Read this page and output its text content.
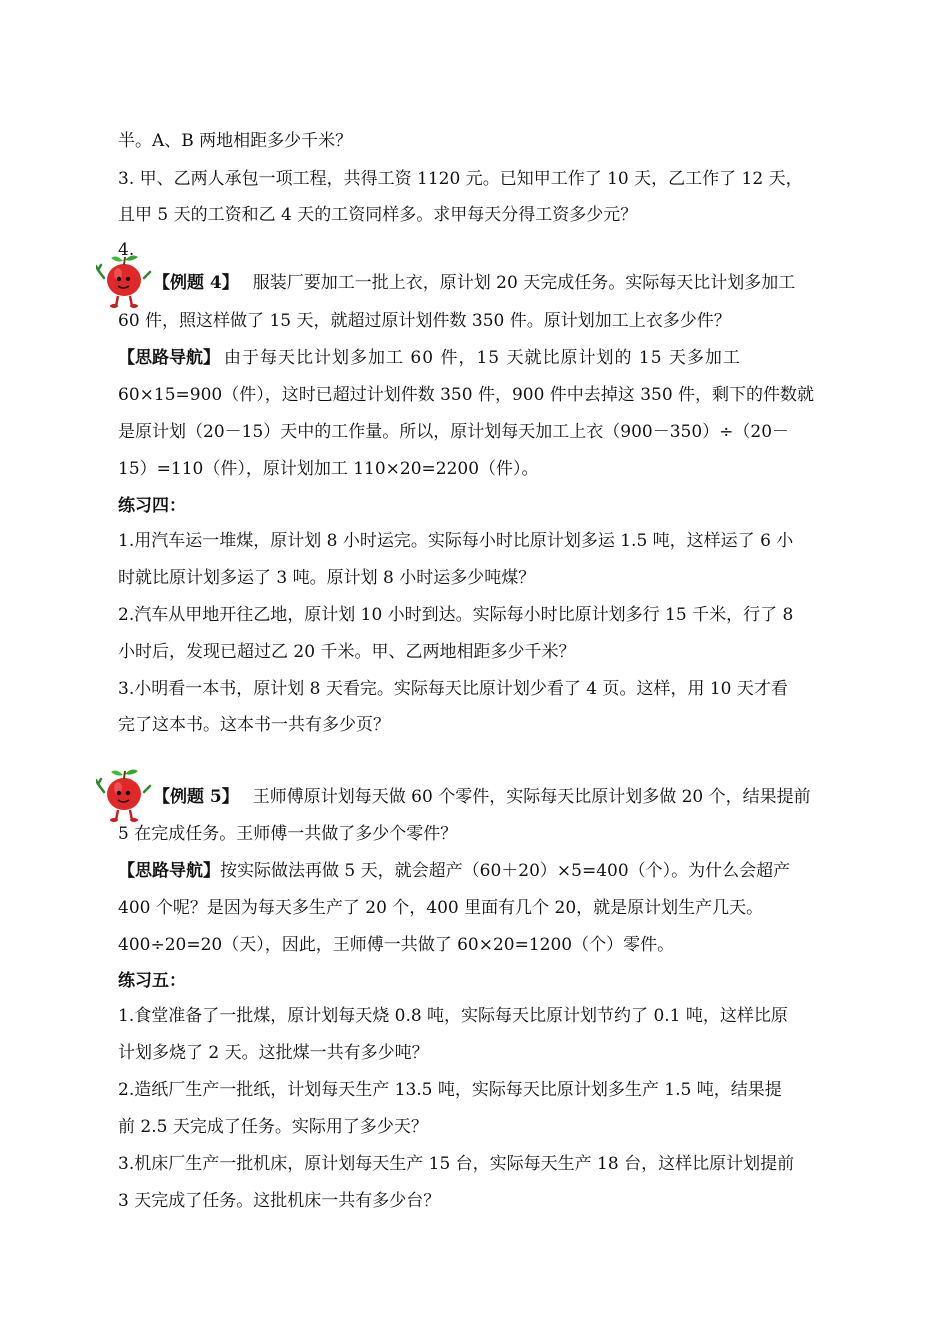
半。A、B 两地相距多少千米？
3. 甲、乙两人承包一项工程，共得工资 1120 元。已知甲工作了 10 天，乙工作了 12 天，
且甲 5 天的工资和乙 4 天的工资同样多。求甲每天分得工资多少元？
4.
【例题 4】 服装厂要加工一批上衣，原计划 20 天完成任务。实际每天比计划多加工
60 件，照这样做了 15 天，就超过原计划件数 350 件。原计划加工上衣多少件？
【思路导航】 由于每天比计划多加工 60 件，15 天就比原计划的 15 天多加工
60×15=900（件），这时已超过计划件数 350 件，900 件中去掉这 350 件，剩下的件数就
是原计划（20－15）天中的工作量。所以，原计划每天加工上衣（900－350）÷（20－
15）=110（件），原计划加工 110×20=2200（件）。
练习四：
1.用汽车运一堆煤，原计划 8 小时运完。实际每小时比原计划多运 1.5 吨，这样运了 6 小
时就比原计划多运了 3 吨。原计划 8 小时运多少吨煤？
2.汽车从甲地开往乙地，原计划 10 小时到达。实际每小时比原计划多行 15 千米，行了 8
小时后，发现已超过乙 20 千米。甲、乙两地相距多少千米？
3.小明看一本书，原计划 8 天看完。实际每天比原计划少看了 4 页。这样，用 10 天才看
完了这本书。这本书一共有多少页？
【例题 5】 王师傅原计划每天做 60 个零件，实际每天比原计划多做 20 个，结果提前
5 在完成任务。王师傅一共做了多少个零件？
【思路导航】按实际做法再做 5 天，就会超产（60＋20）×5=400（个）。为什么会超产
400 个呢？是因为每天多生产了 20 个，400 里面有几个 20，就是原计划生产几天。
400÷20=20（天），因此，王师傅一共做了 60×20=1200（个）零件。
练习五：
1.食堂准备了一批煤，原计划每天烧 0.8 吨，实际每天比原计划节约了 0.1 吨，这样比原
计划多烧了 2 天。这批煤一共有多少吨？
2.造纸厂生产一批纸，计划每天生产 13.5 吨，实际每天比原计划多生产 1.5 吨，结果提
前 2.5 天完成了任务。实际用了多少天？
3.机床厂生产一批机床，原计划每天生产 15 台，实际每天生产 18 台，这样比原计划提前
3 天完成了任务。这批机床一共有多少台？
